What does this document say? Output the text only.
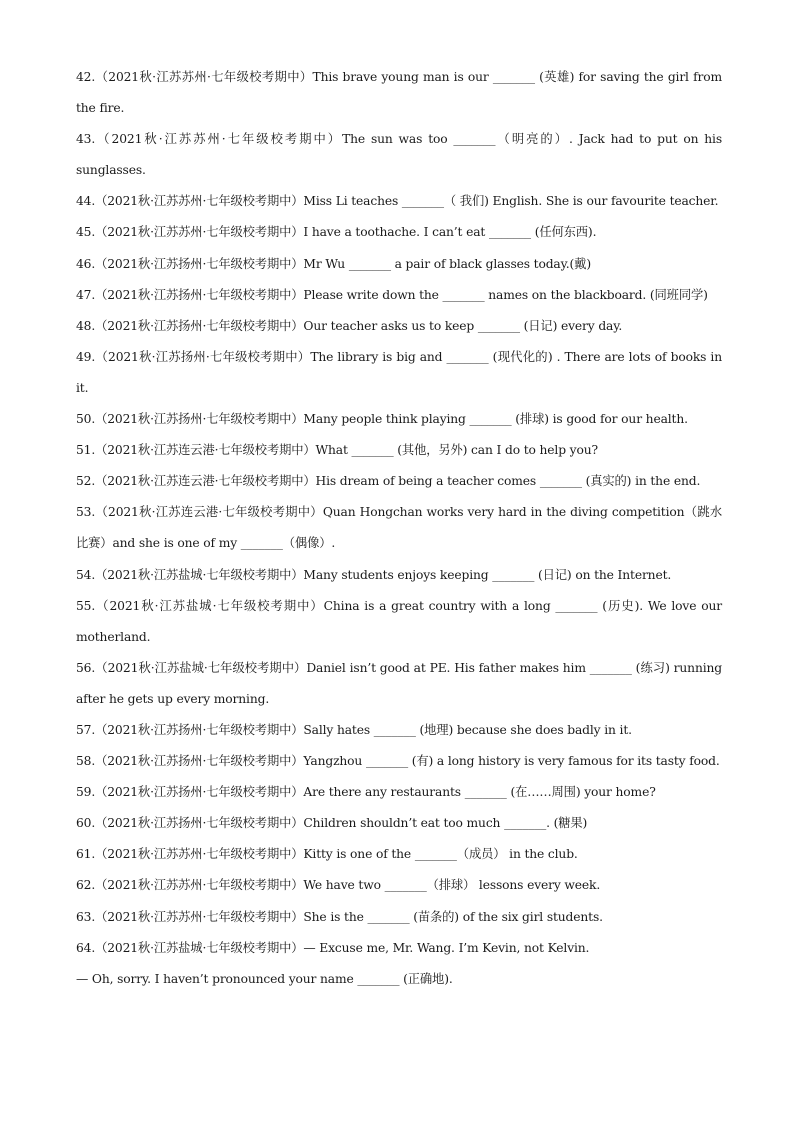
42.（2021秋·江苏苏州·七年级校考期中）This brave young man is our _______ (英雄) for saving the girl from the fire.

43.（2021秋·江苏苏州·七年级校考期中）The sun was too _______（明亮的）. Jack had to put on his sunglasses.

44.（2021秋·江苏苏州·七年级校考期中）Miss Li teaches _______（ 我们) English. She is our favourite teacher.

45.（2021秋·江苏苏州·七年级校考期中）I have a toothache. I can’t eat _______ (任何东西).

46.（2021秋·江苏扬州·七年级校考期中）Mr Wu _______ a pair of black glasses today.(戴)

47.（2021秋·江苏扬州·七年级校考期中）Please write down the _______ names on the blackboard. (同班同学)

48.（2021秋·江苏扬州·七年级校考期中）Our teacher asks us to keep _______ (日记) every day.

49.（2021秋·江苏扬州·七年级校考期中）The library is big and _______ (现代化的) . There are lots of books in it.

50.（2021秋·江苏扬州·七年级校考期中）Many people think playing _______ (排球) is good for our health.

51.（2021秋·江苏连云港·七年级校考期中）What _______ (其他，另外) can I do to help you?

52.（2021秋·江苏连云港·七年级校考期中）His dream of being a teacher comes _______ (真实的) in the end.

53.（2021秋·江苏连云港·七年级校考期中）Quan Hongchan works very hard in the diving competition（跳水比赛）and she is one of my _______（偶像）.

54.（2021秋·江苏盐城·七年级校考期中）Many students enjoys keeping _______ (日记) on the Internet.

55.（2021秋·江苏盐城·七年级校考期中）China is a great country with a long _______ (历史). We love our motherland.

56.（2021秋·江苏盐城·七年级校考期中）Daniel isn’t good at PE. His father makes him _______ (练习) running after he gets up every morning.

57.（2021秋·江苏扬州·七年级校考期中）Sally hates _______ (地理) because she does badly in it.

58.（2021秋·江苏扬州·七年级校考期中）Yangzhou _______ (有) a long history is very famous for its tasty food.

59.（2021秋·江苏扬州·七年级校考期中）Are there any restaurants _______ (在……周围) your home?

60.（2021秋·江苏扬州·七年级校考期中）Children shouldn’t eat too much _______. (糖果)

61.（2021秋·江苏苏州·七年级校考期中）Kitty is one of the _______（成员） in the club.

62.（2021秋·江苏苏州·七年级校考期中）We have two _______（排球） lessons every week.

63.（2021秋·江苏苏州·七年级校考期中）She is the _______ (苗条的) of the six girl students.

64.（2021秋·江苏盐城·七年级校考期中）— Excuse me, Mr. Wang. I’m Kevin, not Kelvin.

— Oh, sorry. I haven’t pronounced your name _______ (正确地).
